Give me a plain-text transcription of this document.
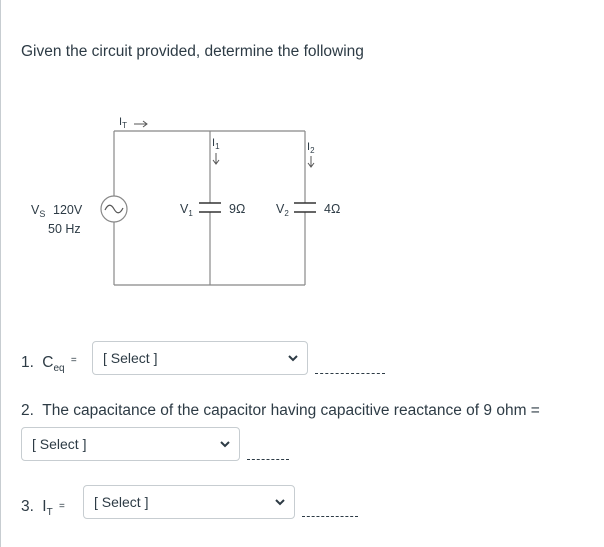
Given the circuit provided, determine the following
$I_T$
$I_1$	$I_2$
$V_S$ 120V
50 Hz
$V_1$	$V_2$
9Ω	4Ω
1. $C_{eq}$ = [ Select ]
2. The capacitance of the capacitor having capacitive reactance of 9 ohm =
[ Select ]
3. $I_T$ = [ Select ]
